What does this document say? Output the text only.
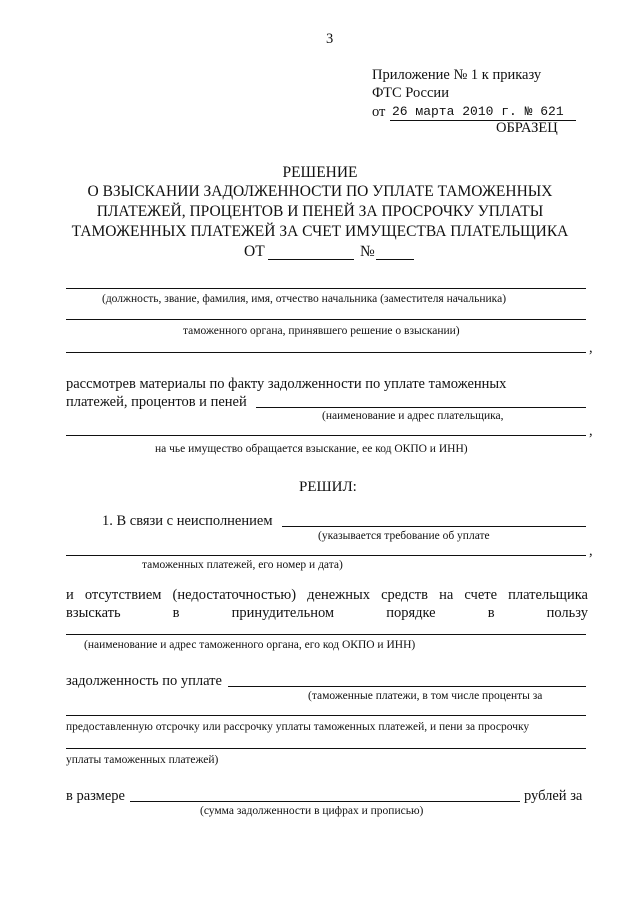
3
Приложение № 1 к приказу
ФТС России
от 26 марта 2010 г. № 621
ОБРАЗЕЦ
РЕШЕНИЕ
О ВЗЫСКАНИИ ЗАДОЛЖЕННОСТИ ПО УПЛАТЕ ТАМОЖЕННЫХ
ПЛАТЕЖЕЙ, ПРОЦЕНТОВ И ПЕНЕЙ ЗА ПРОСРОЧКУ УПЛАТЫ
ТАМОЖЕННЫХ ПЛАТЕЖЕЙ ЗА СЧЕТ ИМУЩЕСТВА ПЛАТЕЛЬЩИКА
ОТ	№
(должность, звание, фамилия, имя, отчество начальника (заместителя начальника)
таможенного органа, принявшего решение о взыскании)
,
рассмотрев материалы по факту задолженности по уплате таможенных
платежей, процентов и пеней
(наименование и адрес плательщика,
,
на чье имущество обращается взыскание, ее код ОКПО и ИНН)
РЕШИЛ:
1. В связи с неисполнением
(указывается требование об уплате
,
таможенных платежей, его номер и дата)
и отсутствием (недостаточностью) денежных средств на счете плательщика
взыскать	в	принудительном	порядке	в	пользу
(наименование и адрес таможенного органа, его код ОКПО и ИНН)
задолженность по уплате
(таможенные платежи, в том числе проценты за
предоставленную отсрочку или рассрочку уплаты таможенных платежей, и пени за просрочку
уплаты таможенных платежей)
в размере	рублей за
(сумма задолженности в цифрах и прописью)
